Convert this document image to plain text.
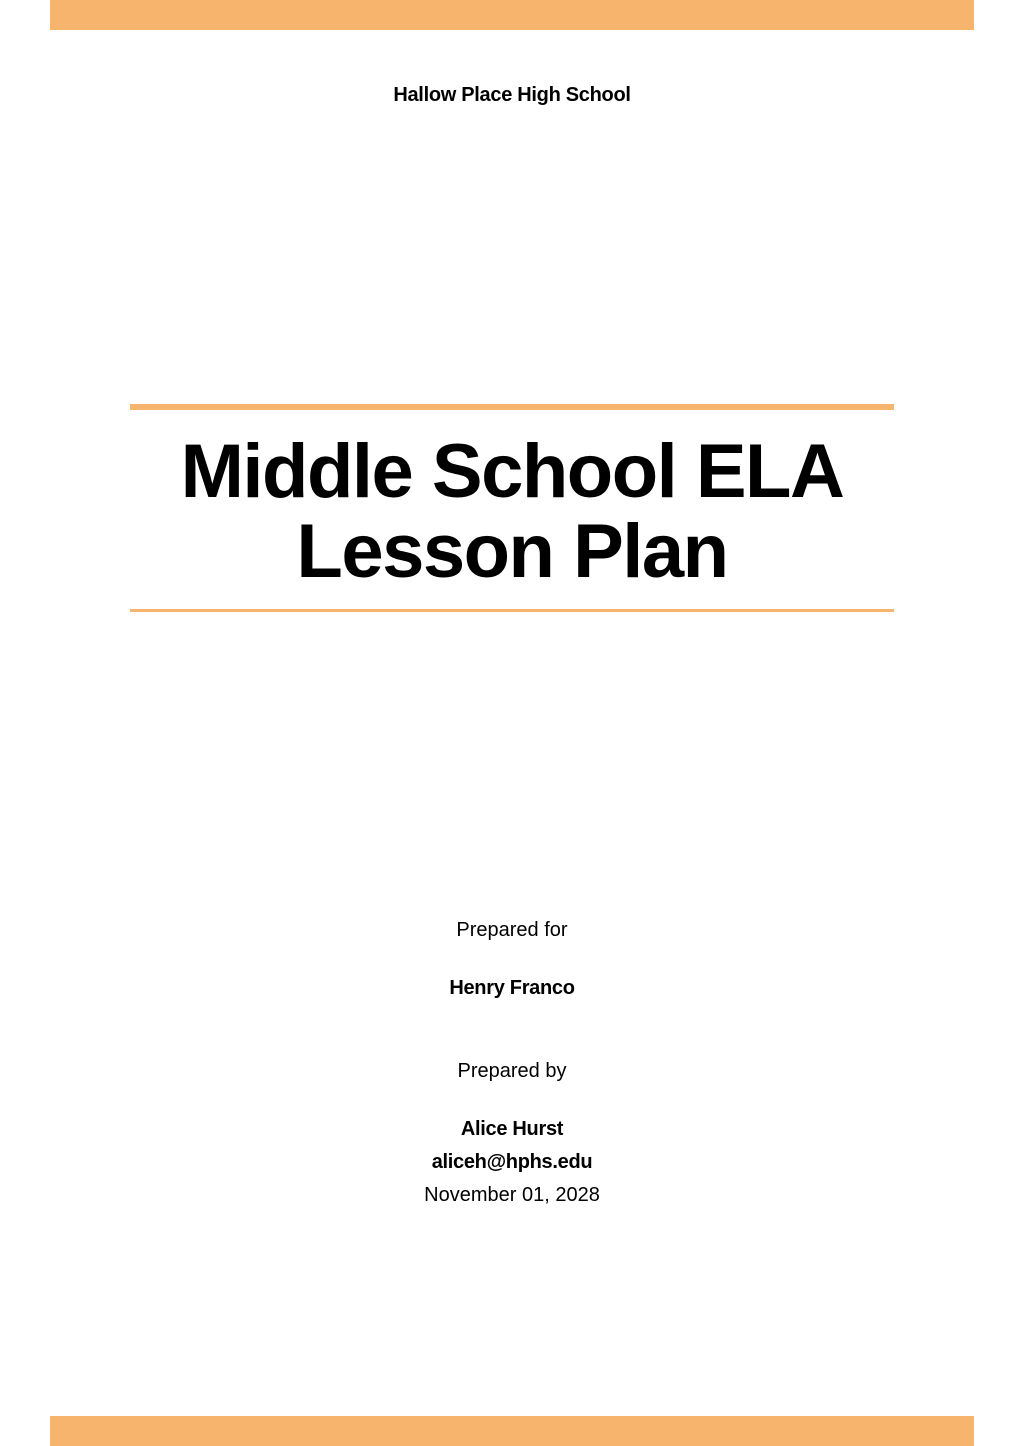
Hallow Place High School
Middle School ELA
Lesson Plan
Prepared for
Henry Franco
Prepared by
Alice Hurst
aliceh@hphs.edu
November 01, 2028
